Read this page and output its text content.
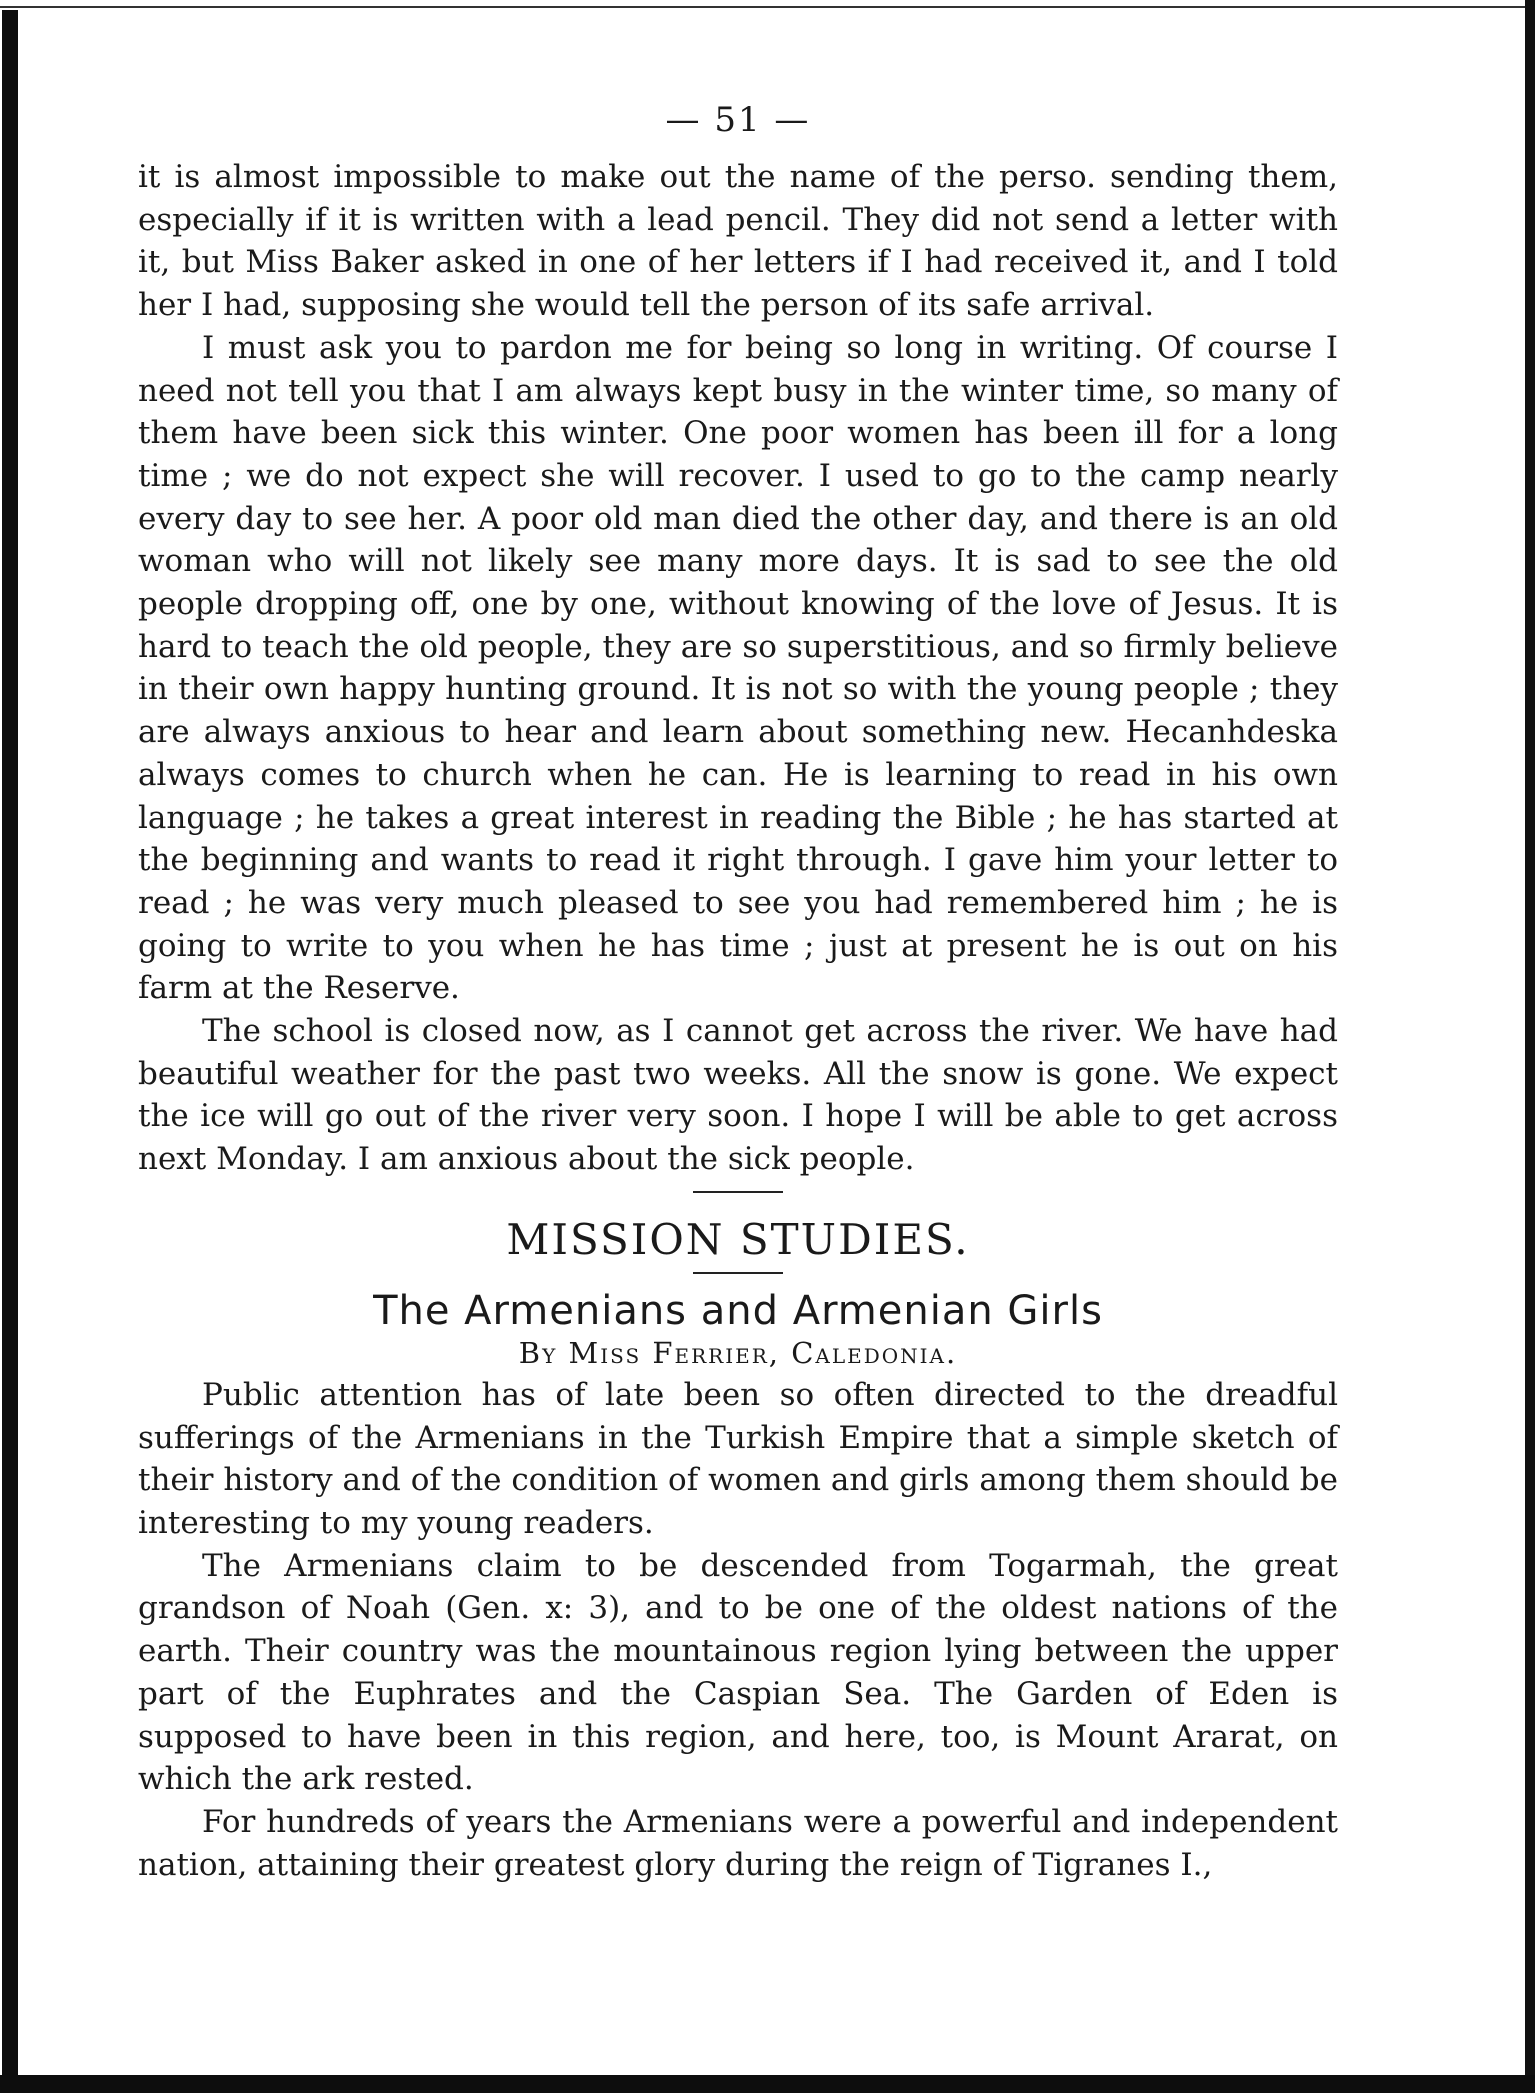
— 51 —

it is almost impossible to make out the name of the perso. sending them, especially if it is written with a lead pencil. They did not send a letter with it, but Miss Baker asked in one of her letters if I had received it, and I told her I had, supposing she would tell the person of its safe arrival.

I must ask you to pardon me for being so long in writing. Of course I need not tell you that I am always kept busy in the winter time, so many of them have been sick this winter. One poor women has been ill for a long time ; we do not expect she will recover. I used to go to the camp nearly every day to see her. A poor old man died the other day, and there is an old woman who will not likely see many more days. It is sad to see the old people dropping off, one by one, without knowing of the love of Jesus. It is hard to teach the old people, they are so superstitious, and so firmly believe in their own happy hunting ground. It is not so with the young people ; they are always anxious to hear and learn about something new. Hecanhdeska always comes to church when he can. He is learning to read in his own language ; he takes a great interest in reading the Bible ; he has started at the beginning and wants to read it right through. I gave him your letter to read ; he was very much pleased to see you had remembered him ; he is going to write to you when he has time ; just at present he is out on his farm at the Reserve.

The school is closed now, as I cannot get across the river. We have had beautiful weather for the past two weeks. All the snow is gone. We expect the ice will go out of the river very soon. I hope I will be able to get across next Monday. I am anxious about the sick people.

MISSION STUDIES.
The Armenians and Armenian Girls
By Miss Ferrier, Caledonia.

Public attention has of late been so often directed to the dreadful sufferings of the Armenians in the Turkish Empire that a simple sketch of their history and of the condition of women and girls among them should be interesting to my young readers.

The Armenians claim to be descended from Togarmah, the great grandson of Noah (Gen. x: 3), and to be one of the oldest nations of the earth. Their country was the mountainous region lying between the upper part of the Euphrates and the Caspian Sea. The Garden of Eden is supposed to have been in this region, and here, too, is Mount Ararat, on which the ark rested.

For hundreds of years the Armenians were a powerful and independent nation, attaining their greatest glory during the reign of Tigranes I.,
